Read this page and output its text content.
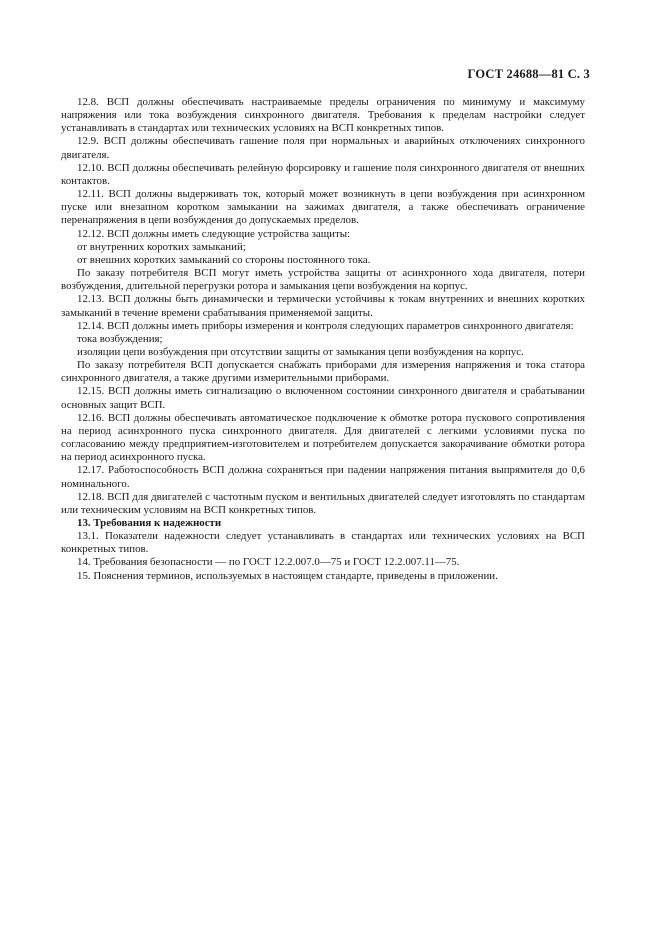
ГОСТ 24688—81 С. 3

12.8. ВСП должны обеспечивать настраиваемые пределы ограничения по минимуму и максимуму напряжения или тока возбуждения синхронного двигателя. Требования к пределам настройки следует устанавливать в стандартах или технических условиях на ВСП конкретных типов.

12.9. ВСП должны обеспечивать гашение поля при нормальных и аварийных отключениях синхронного двигателя.

12.10. ВСП должны обеспечивать релейную форсировку и гашение поля синхронного двигателя от внешних контактов.

12.11. ВСП должны выдерживать ток, который может возникнуть в цепи возбуждения при асинхронном пуске или внезапном коротком замыкании на зажимах двигателя, а также обеспечивать ограничение перенапряжения в цепи возбуждения до допускаемых пределов.

12.12. ВСП должны иметь следующие устройства защиты:

от внутренних коротких замыканий;

от внешних коротких замыканий со стороны постоянного тока.

По заказу потребителя ВСП могут иметь устройства защиты от асинхронного хода двигателя, потери возбуждения, длительной перегрузки ротора и замыкания цепи возбуждения на корпус.

12.13. ВСП должны быть динамически и термически устойчивы к токам внутренних и внешних коротких замыканий в течение времени срабатывания применяемой защиты.

12.14. ВСП должны иметь приборы измерения и контроля следующих параметров синхронного двигателя:

тока возбуждения;

изоляции цепи возбуждения при отсутствии защиты от замыкания цепи возбуждения на корпус.

По заказу потребителя ВСП допускается снабжать приборами для измерения напряжения и тока статора синхронного двигателя, а также другими измерительными приборами.

12.15. ВСП должны иметь сигнализацию о включенном состоянии синхронного двигателя и срабатывании основных защит ВСП.

12.16. ВСП должны обеспечивать автоматическое подключение к обмотке ротора пускового сопротивления на период асинхронного пуска синхронного двигателя. Для двигателей с легкими условиями пуска по согласованию между предприятием-изготовителем и потребителем допускается закорачивание обмотки ротора на период асинхронного пуска.

12.17. Работоспособность ВСП должна сохраняться при падении напряжения питания выпрямителя до 0,6 номинального.

12.18. ВСП для двигателей с частотным пуском и вентильных двигателей следует изготовлять по стандартам или техническим условиям на ВСП конкретных типов.

13. Требования к надежности

13.1. Показатели надежности следует устанавливать в стандартах или технических условиях на ВСП конкретных типов.

14. Требования безопасности — по ГОСТ 12.2.007.0—75 и ГОСТ 12.2.007.11—75.

15. Пояснения терминов, используемых в настоящем стандарте, приведены в приложении.
